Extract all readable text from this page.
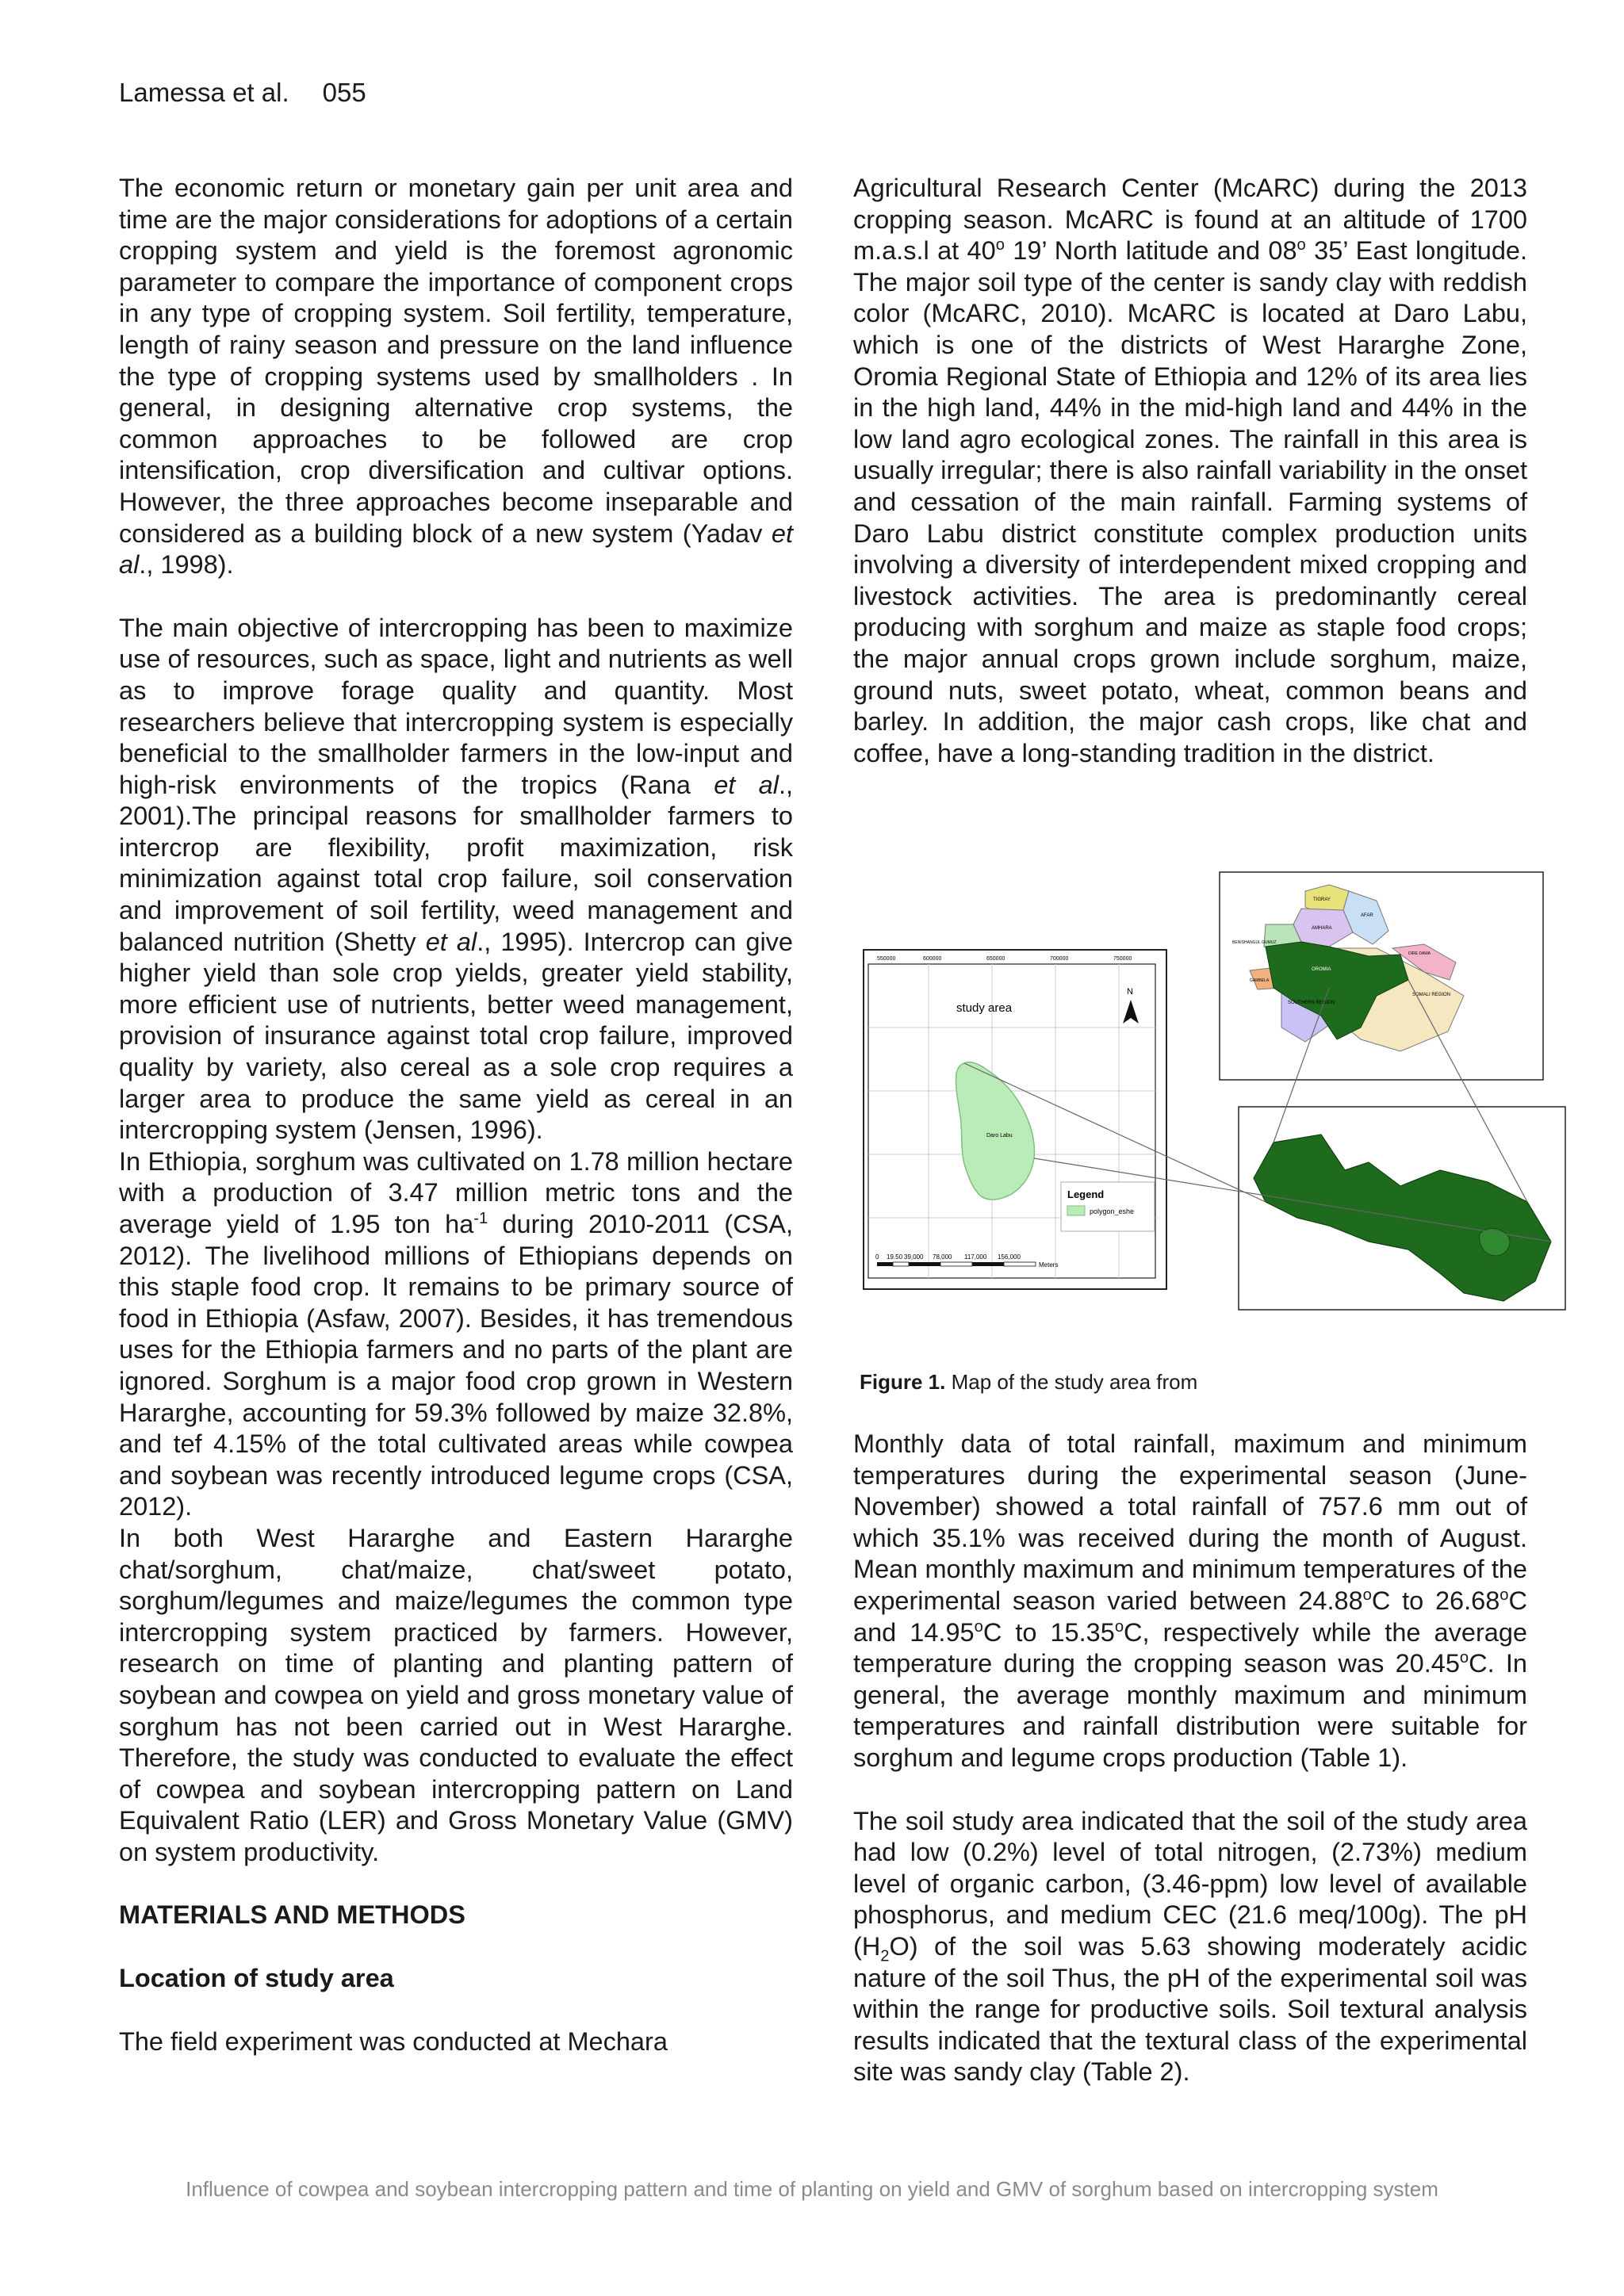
Lamessa et al. 055

The economic return or monetary gain per unit area and time are the major considerations for adoptions of a certain cropping system and yield is the foremost agronomic parameter to compare the importance of component crops in any type of cropping system. Soil fertility, temperature, length of rainy season and pressure on the land influence the type of cropping systems used by smallholders . In general, in designing alternative crop systems, the common approaches to be followed are crop intensification, crop diversification and cultivar options. However, the three approaches become inseparable and considered as a building block of a new system (Yadav et al., 1998).

The main objective of intercropping has been to maximize use of resources, such as space, light and nutrients as well as to improve forage quality and quantity. Most researchers believe that intercropping system is especially beneficial to the smallholder farmers in the low-input and high-risk environments of the tropics (Rana et al., 2001).The principal reasons for smallholder farmers to intercrop are flexibility, profit maximization, risk minimization against total crop failure, soil conservation and improvement of soil fertility, weed management and balanced nutrition (Shetty et al., 1995). Intercrop can give higher yield than sole crop yields, greater yield stability, more efficient use of nutrients, better weed management, provision of insurance against total crop failure, improved quality by variety, also cereal as a sole crop requires a larger area to produce the same yield as cereal in an intercropping system (Jensen, 1996).

In Ethiopia, sorghum was cultivated on 1.78 million hectare with a production of 3.47 million metric tons and the average yield of 1.95 ton $ha^{-1}$ during 2010-2011 (CSA, 2012). The livelihood millions of Ethiopians depends on this staple food crop. It remains to be primary source of food in Ethiopia (Asfaw, 2007). Besides, it has tremendous uses for the Ethiopia farmers and no parts of the plant are ignored. Sorghum is a major food crop grown in Western Hararghe, accounting for 59.3% followed by maize 32.8%, and tef 4.15% of the total cultivated areas while cowpea and soybean was recently introduced legume crops (CSA, 2012).

In both West Hararghe and Eastern Hararghe chat/sorghum, chat/maize, chat/sweet potato, sorghum/legumes and maize/legumes the common type intercropping system practiced by farmers. However, research on time of planting and planting pattern of soybean and cowpea on yield and gross monetary value of sorghum has not been carried out in West Hararghe. Therefore, the study was conducted to evaluate the effect of cowpea and soybean intercropping pattern on Land Equivalent Ratio (LER) and Gross Monetary Value (GMV) on system productivity.

MATERIALS AND METHODS
Location of study area

The field experiment was conducted at Mechara

Agricultural Research Center (McARC) during the 2013 cropping season. McARC is found at an altitude of 1700 m.a.s.l at 40$^o$ 19’ North latitude and 08$^o$ 35’ East longitude. The major soil type of the center is sandy clay with reddish color (McARC, 2010). McARC is located at Daro Labu, which is one of the districts of West Hararghe Zone, Oromia Regional State of Ethiopia and 12% of its area lies in the high land, 44% in the mid-high land and 44% in the low land agro ecological zones. The rainfall in this area is usually irregular; there is also rainfall variability in the onset and cessation of the main rainfall. Farming systems of Daro Labu district constitute complex production units involving a diversity of interdependent mixed cropping and livestock activities. The area is predominantly cereal producing with sorghum and maize as staple food crops; the major annual crops grown include sorghum, maize, ground nuts, sweet potato, wheat, common beans and barley. In addition, the major cash crops, like chat and coffee, have a long-standing tradition in the district.

Monthly data of total rainfall, maximum and minimum temperatures during the experimental season (June-November) showed a total rainfall of 757.6 mm out of which 35.1% was received during the month of August. Mean monthly maximum and minimum temperatures of the experimental season varied between 24.88$^o$C to 26.68$^o$C and 14.95$^o$C to 15.35$^o$C, respectively while the average temperature during the cropping season was 20.45$^o$C. In general, the average monthly maximum and minimum temperatures and rainfall distribution were suitable for sorghum and legume crops production (Table 1).

The soil study area indicated that the soil of the study area had low (0.2%) level of total nitrogen, (2.73%) medium level of organic carbon, (3.46-ppm) low level of available phosphorus, and medium CEC (21.6 meq/100g). The pH $(H_2O)$ of the soil was 5.63 showing moderately acidic nature of the soil Thus, the pH of the experimental soil was within the range for productive soils. Soil textural analysis results indicated that the textural class of the experimental site was sandy clay (Table 2).

550000	600000	650000	700000	750000
study area
N
Daro Labu
Legend
polygon_eshe
0 19.50 39,000 78,000 117,000 156,000
Meters
TIGRAY
AFAR
AMHARA
BENISHANGUL GUMUZ
OROMIA
GAMBELA
SOUTHERN REGION
SOMALI REGION
DIRE DAWA
Figure 1. Map of the study area from
Influence of cowpea and soybean intercropping pattern and time of planting on yield and GMV of sorghum based on intercropping system
